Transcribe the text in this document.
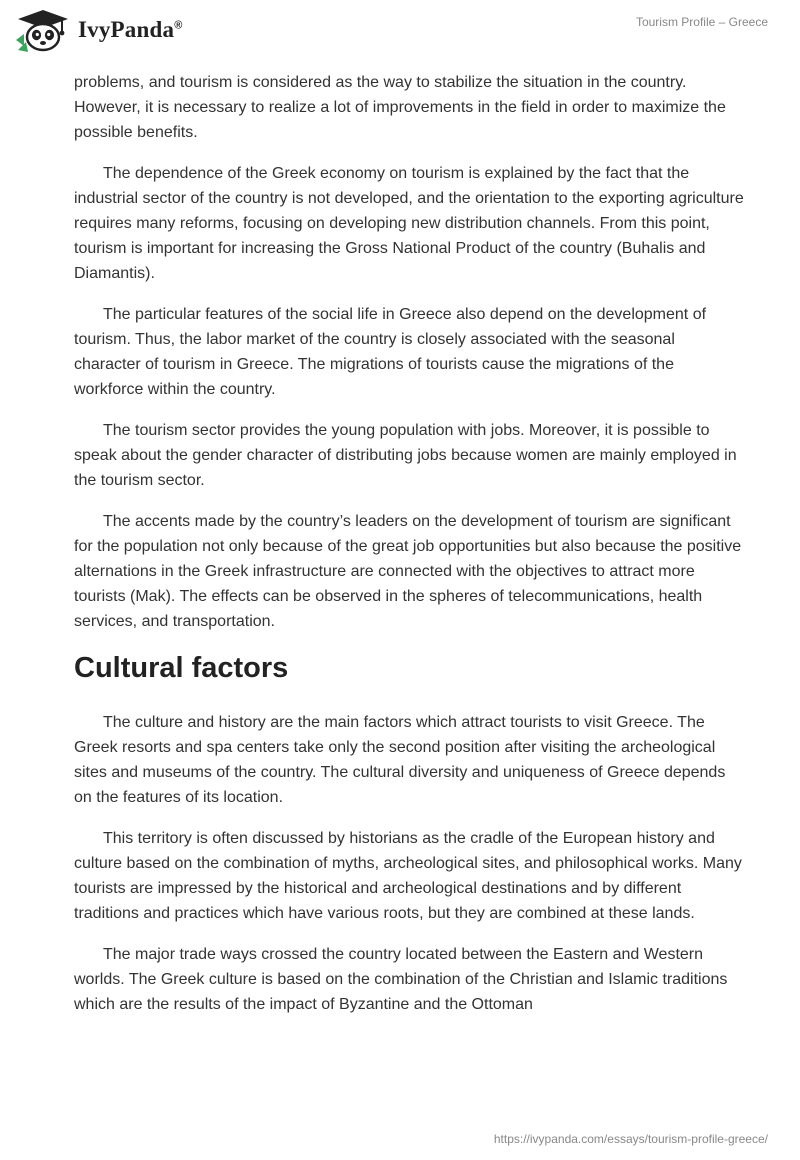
IvyPanda®	Tourism Profile – Greece

problems, and tourism is considered as the way to stabilize the situation in the country. However, it is necessary to realize a lot of improvements in the field in order to maximize the possible benefits.

The dependence of the Greek economy on tourism is explained by the fact that the industrial sector of the country is not developed, and the orientation to the exporting agriculture requires many reforms, focusing on developing new distribution channels. From this point, tourism is important for increasing the Gross National Product of the country (Buhalis and Diamantis).

The particular features of the social life in Greece also depend on the development of tourism. Thus, the labor market of the country is closely associated with the seasonal character of tourism in Greece. The migrations of tourists cause the migrations of the workforce within the country.

The tourism sector provides the young population with jobs. Moreover, it is possible to speak about the gender character of distributing jobs because women are mainly employed in the tourism sector.

The accents made by the country’s leaders on the development of tourism are significant for the population not only because of the great job opportunities but also because the positive alternations in the Greek infrastructure are connected with the objectives to attract more tourists (Mak). The effects can be observed in the spheres of telecommunications, health services, and transportation.

Cultural factors

The culture and history are the main factors which attract tourists to visit Greece. The Greek resorts and spa centers take only the second position after visiting the archeological sites and museums of the country. The cultural diversity and uniqueness of Greece depends on the features of its location.

This territory is often discussed by historians as the cradle of the European history and culture based on the combination of myths, archeological sites, and philosophical works. Many tourists are impressed by the historical and archeological destinations and by different traditions and practices which have various roots, but they are combined at these lands.

The major trade ways crossed the country located between the Eastern and Western worlds. The Greek culture is based on the combination of the Christian and Islamic traditions which are the results of the impact of Byzantine and the Ottoman

https://ivypanda.com/essays/tourism-profile-greece/
